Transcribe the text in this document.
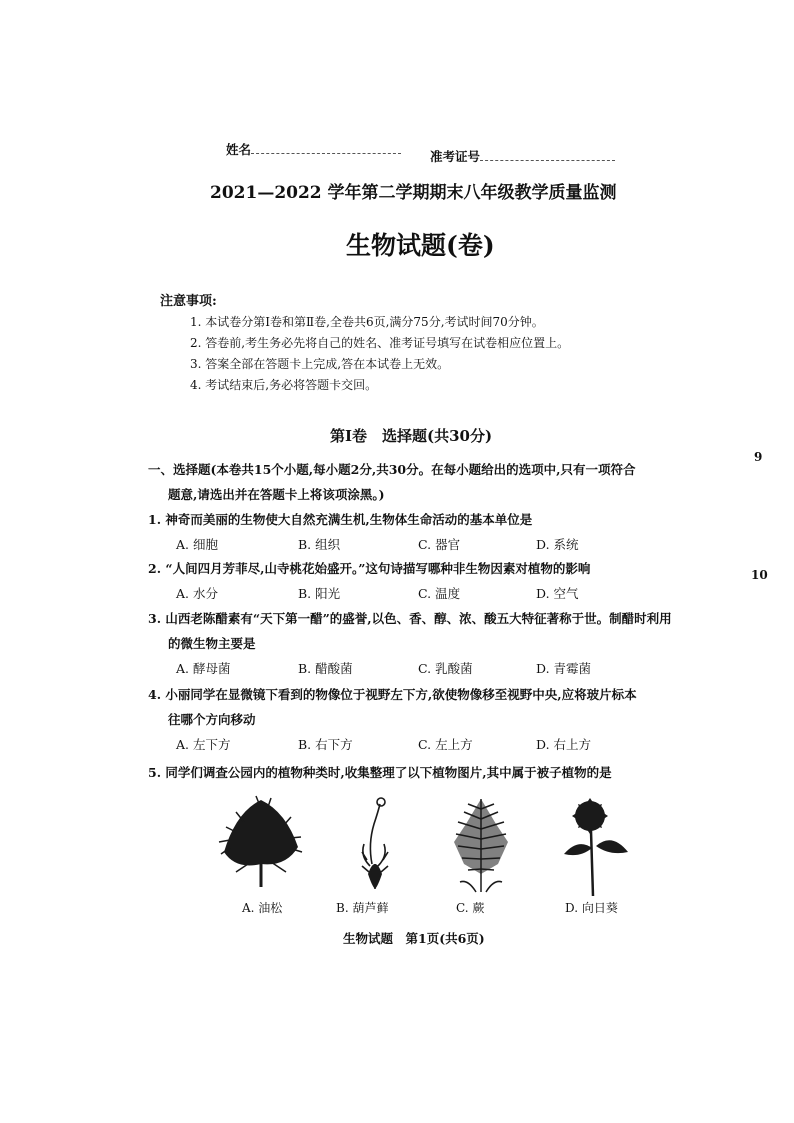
姓名	准考证号
2021—2022 学年第二学期期末八年级教学质量监测
生物试题(卷)
注意事项:
1. 本试卷分第Ⅰ卷和第Ⅱ卷,全卷共6页,满分75分,考试时间70分钟。
2. 答卷前,考生务必先将自己的姓名、准考证号填写在试卷相应位置上。
3. 答案全部在答题卡上完成,答在本试卷上无效。
4. 考试结束后,务必将答题卡交回。
第Ⅰ卷　选择题(共30分)
一、选择题(本卷共15个小题,每小题2分,共30分。在每小题给出的选项中,只有一项符合
题意,请选出并在答题卡上将该项涂黑。)
9
10
1. 神奇而美丽的生物使大自然充满生机,生物体生命活动的基本单位是
A. 细胞	B. 组织	C. 器官	D. 系统
2. “人间四月芳菲尽,山寺桃花始盛开。”这句诗描写哪种非生物因素对植物的影响
A. 水分	B. 阳光	C. 温度	D. 空气
3. 山西老陈醋素有“天下第一醋”的盛誉,以色、香、醇、浓、酸五大特征著称于世。制醋时利用
的微生物主要是
A. 酵母菌	B. 醋酸菌	C. 乳酸菌	D. 青霉菌
4. 小丽同学在显微镜下看到的物像位于视野左下方,欲使物像移至视野中央,应将玻片标本
往哪个方向移动
A. 左下方	B. 右下方	C. 左上方	D. 右上方
5. 同学们调查公园内的植物种类时,收集整理了以下植物图片,其中属于被子植物的是
A. 油松	B. 葫芦藓	C. 蕨	D. 向日葵
生物试题　第1页(共6页)
